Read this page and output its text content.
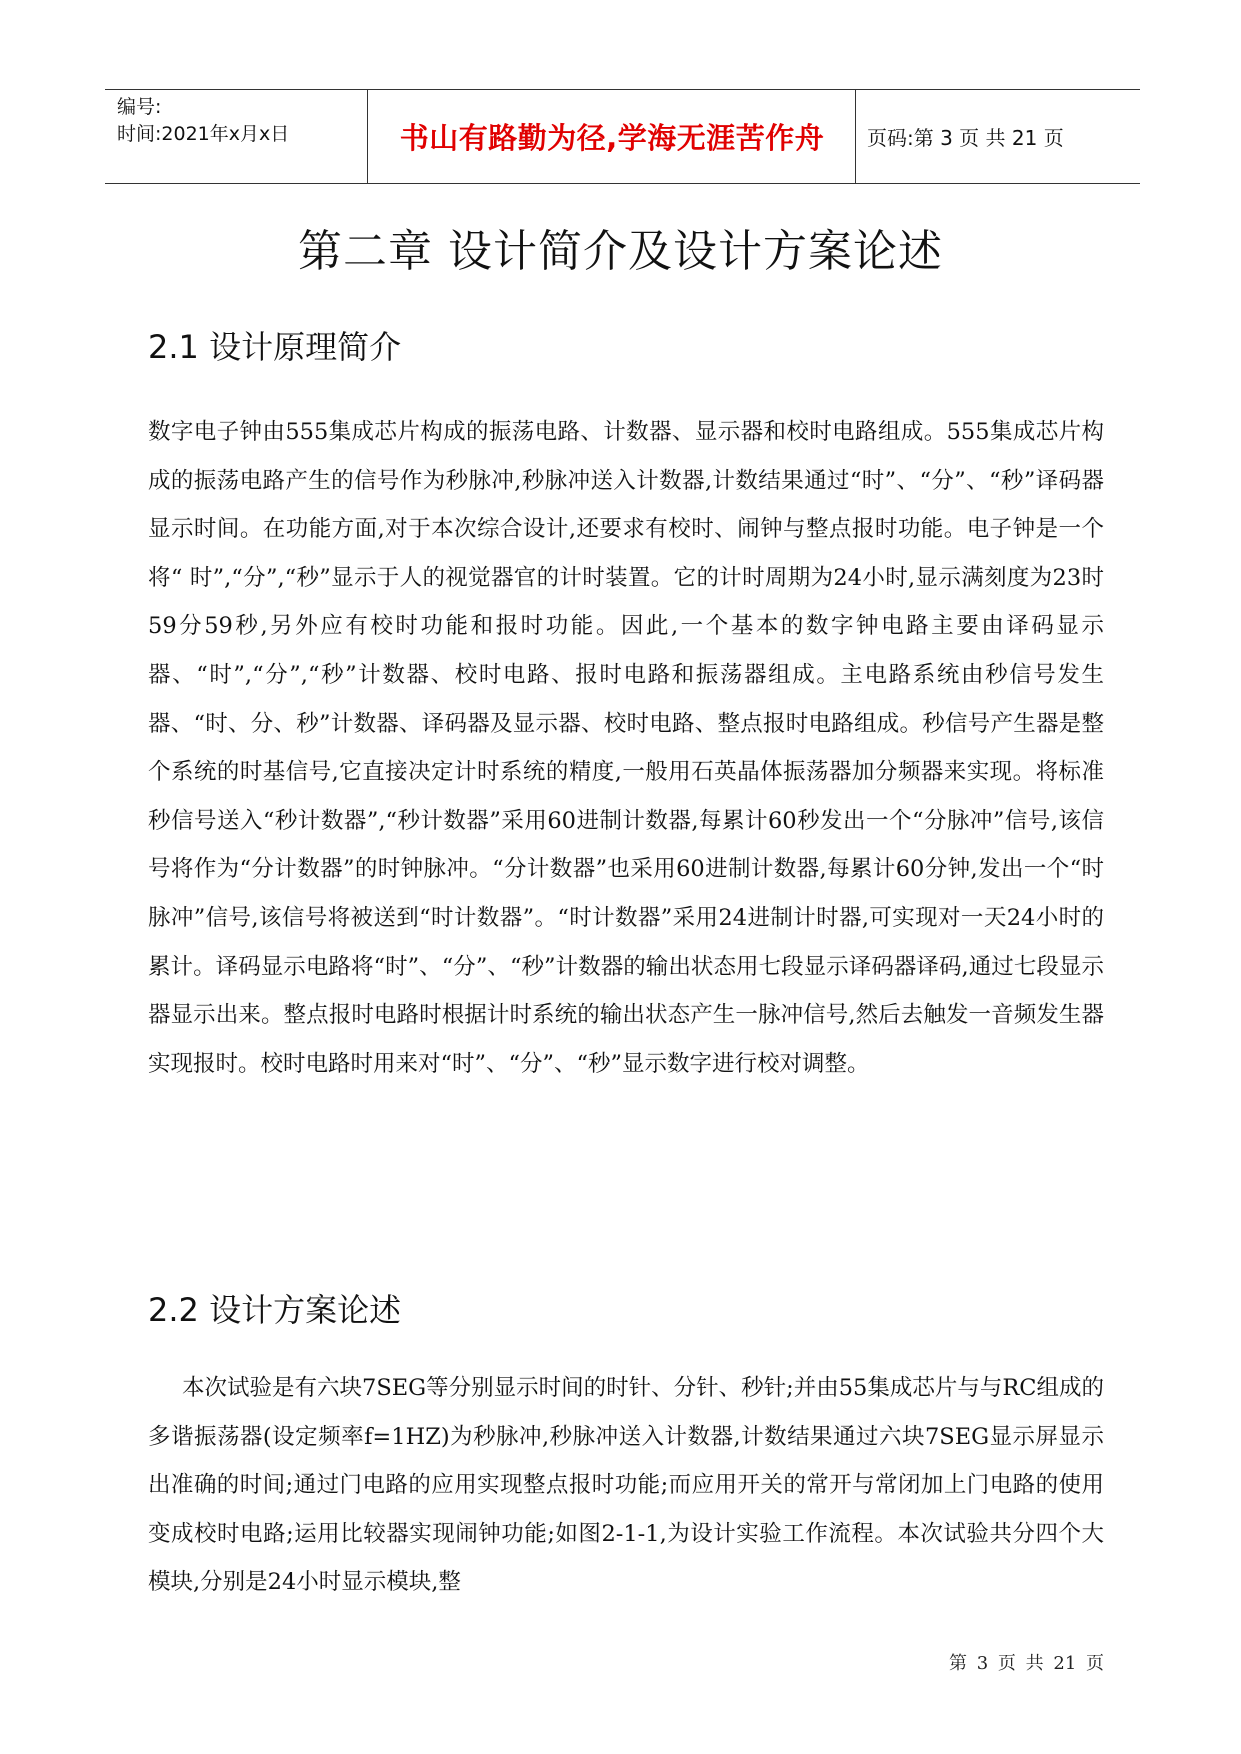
编号:
时间:2021年x月x日	书山有路勤为径,学海无涯苦作舟	页码:第 3 页 共 21 页
第二章 设计简介及设计方案论述
2.1 设计原理简介
数字电子钟由555集成芯片构成的振荡电路、计数器、显示器和校时电路组成。555集成芯片构成的振荡电路产生的信号作为秒脉冲,秒脉冲送入计数器,计数结果通过“时”、“分”、“秒”译码器显示时间。在功能方面,对于本次综合设计,还要求有校时、闹钟与整点报时功能。电子钟是一个将“ 时”,“分”,“秒”显示于人的视觉器官的计时装置。它的计时周期为24小时,显示满刻度为23时59分59秒,另外应有校时功能和报时功能。因此,一个基本的数字钟电路主要由译码显示器、“时”,“分”,“秒”计数器、校时电路、报时电路和振荡器组成。主电路系统由秒信号发生器、“时、分、秒”计数器、译码器及显示器、校时电路、整点报时电路组成。秒信号产生器是整个系统的时基信号,它直接决定计时系统的精度,一般用石英晶体振荡器加分频器来实现。将标准秒信号送入“秒计数器”,“秒计数器”采用60进制计数器,每累计60秒发出一个“分脉冲”信号,该信号将作为“分计数器”的时钟脉冲。“分计数器”也采用60进制计数器,每累计60分钟,发出一个“时脉冲”信号,该信号将被送到“时计数器”。“时计数器”采用24进制计时器,可实现对一天24小时的累计。译码显示电路将“时”、“分”、“秒”计数器的输出状态用七段显示译码器译码,通过七段显示器显示出来。整点报时电路时根据计时系统的输出状态产生一脉冲信号,然后去触发一音频发生器实现报时。校时电路时用来对“时”、“分”、“秒”显示数字进行校对调整。
2.2 设计方案论述
本次试验是有六块7SEG等分别显示时间的时针、分针、秒针;并由55集成芯片与与RC组成的多谐振荡器(设定频率f=1HZ)为秒脉冲,秒脉冲送入计数器,计数结果通过六块7SEG显示屏显示出准确的时间;通过门电路的应用实现整点报时功能;而应用开关的常开与常闭加上门电路的使用变成校时电路;运用比较器实现闹钟功能;如图2-1-1,为设计实验工作流程。本次试验共分四个大模块,分别是24小时显示模块,整
第 3 页 共 21 页
